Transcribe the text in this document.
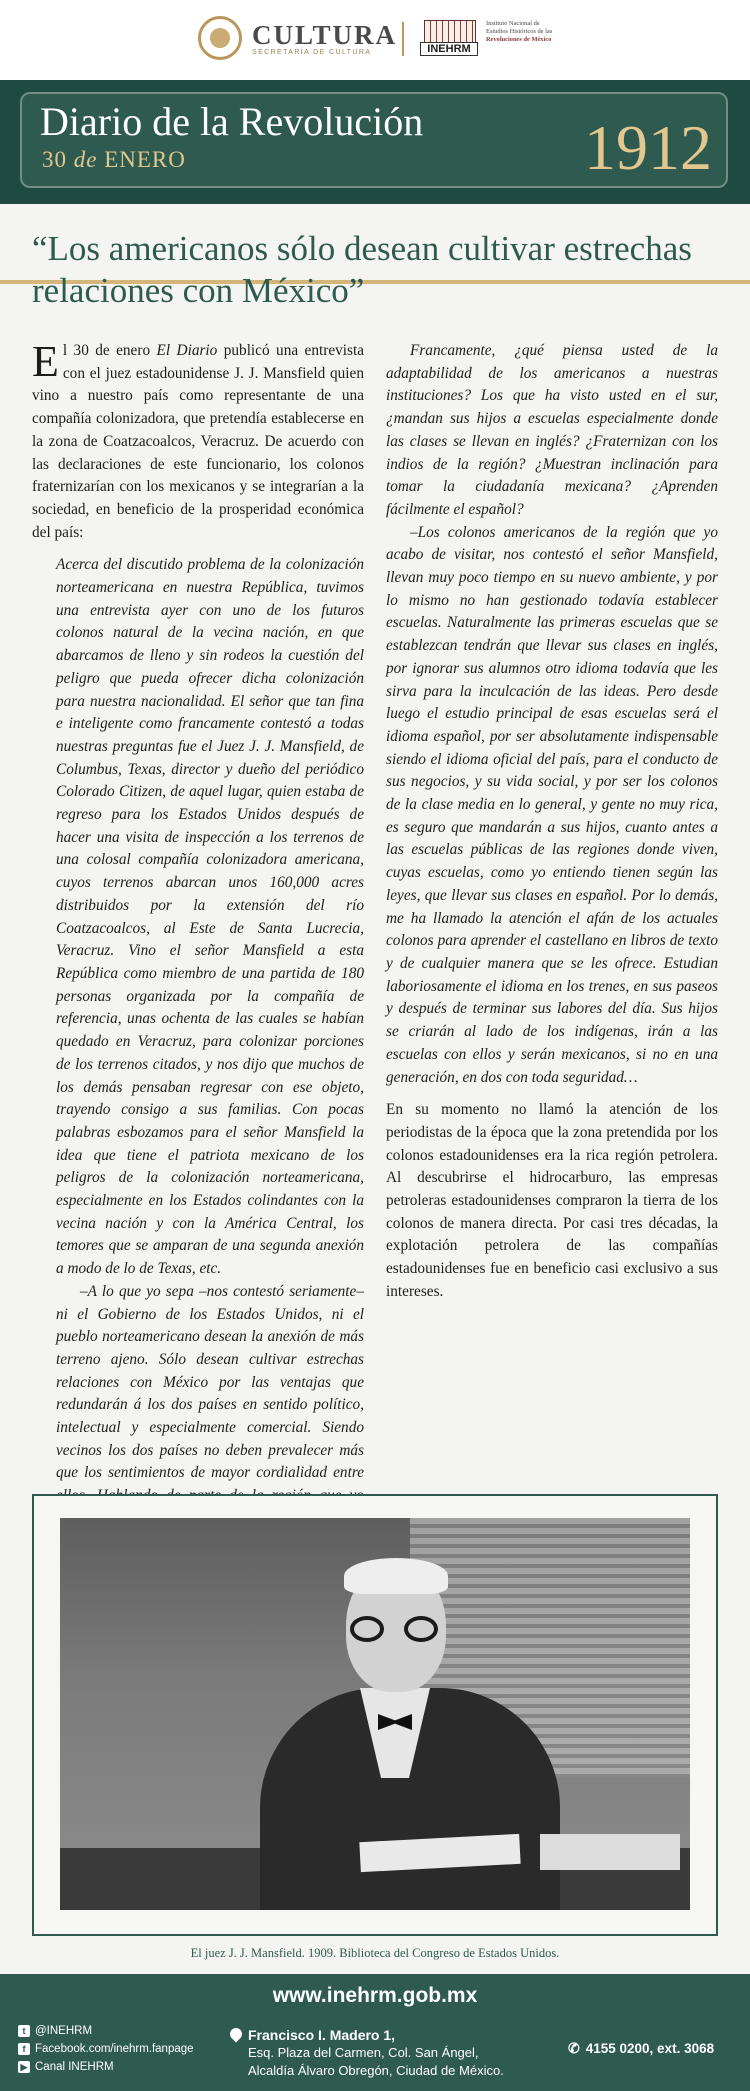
CULTURA
SECRETARÍA DE CULTURA	INEHRM
Instituto Nacional de
Estudios Históricos de las
Revoluciones de México
Diario de la Revolución
30 de ENERO	1912
“Los americanos sólo desean cultivar estrechas relaciones con México”

El 30 de enero El Diario publicó una entrevista con el juez estadounidense J. J. Mansfield quien vino a nuestro país como representante de una compañía colonizadora, que pretendía establecerse en la zona de Coatzacoalcos, Veracruz. De acuerdo con las declaraciones de este funcionario, los colonos fraternizarían con los mexicanos y se integrarían a la sociedad, en beneficio de la prosperidad económica del país:

Acerca del discutido problema de la colonización norteamericana en nuestra República, tuvimos una entrevista ayer con uno de los futuros colonos natural de la vecina nación, en que abarcamos de lleno y sin rodeos la cuestión del peligro que pueda ofrecer dicha colonización para nuestra nacionalidad. El señor que tan fina e inteligente como francamente contestó a todas nuestras preguntas fue el Juez J. J. Mansfield, de Columbus, Texas, director y dueño del periódico Colorado Citizen, de aquel lugar, quien estaba de regreso para los Estados Unidos después de hacer una visita de inspección a los terrenos de una colosal compañía colonizadora americana, cuyos terrenos abarcan unos 160,000 acres distribuidos por la extensión del río Coatzacoalcos, al Este de Santa Lucrecia, Veracruz. Vino el señor Mansfield a esta República como miembro de una partida de 180 personas organizada por la compañía de referencia, unas ochenta de las cuales se habían quedado en Veracruz, para colonizar porciones de los terrenos citados, y nos dijo que muchos de los demás pensaban regresar con ese objeto, trayendo consigo a sus familias. Con pocas palabras esbozamos para el señor Mansfield la idea que tiene el patriota mexicano de los peligros de la colonización norteamericana, especialmente en los Estados colindantes con la vecina nación y con la América Central, los temores que se amparan de una segunda anexión a modo de lo de Texas, etc.

–A lo que yo sepa –nos contestó seriamente– ni el Gobierno de los Estados Unidos, ni el pueblo norteamericano desean la anexión de más terreno ajeno. Sólo desean cultivar estrechas relaciones con México por las ventajas que redundarán á los dos países en sentido político, intelectual y especialmente comercial. Siendo vecinos los dos países no deben prevalecer más que los sentimientos de mayor cordialidad entre

Francamente, ¿qué piensa usted de la adaptabilidad de los americanos a nuestras instituciones? Los que ha visto usted en el sur, ¿mandan sus hijos a escuelas especialmente donde las clases se llevan en inglés? ¿Fraternizan con los indios de la región? ¿Muestran inclinación para tomar la ciudadanía mexicana? ¿Aprenden fácilmente el español?

–Los colonos americanos de la región que yo acabo de visitar, nos contestó el señor Mansfield, llevan muy poco tiempo en su nuevo ambiente, y por lo mismo no han gestionado todavía establecer escuelas. Naturalmente las primeras escuelas que se establezcan tendrán que llevar sus clases en inglés, por ignorar sus alumnos otro idioma todavía que les sirva para la inculcación de las ideas. Pero desde luego el estudio principal de esas escuelas será el idioma español, por ser absolutamente indispensable siendo el idioma oficial del país, para el conducto de sus negocios, y su vida social, y por ser los colonos de la clase media en lo general, y gente no muy rica, es seguro que mandarán a sus hijos, cuanto antes a las escuelas públicas de las regiones donde viven, cuyas escuelas, como yo entiendo tienen según las leyes, que llevar sus clases en español. Por lo demás, me ha llamado la atención el afán de los actuales colonos para aprender el castellano en libros de texto y de cualquier manera que se les ofrece. Estudian laboriosamente el idioma en los trenes, en sus paseos y después de terminar sus labores del día. Sus hijos se criarán al lado de los indígenas, irán a las escuelas con ellos y serán mexicanos, si no en una generación, en dos con toda seguridad…

En su momento no llamó la atención de los periodistas de la época que la zona pretendida por los colonos estadounidenses era la rica región petrolera. Al descubrirse el hidrocarburo, las empresas petroleras estadounidenses compraron la tierra de los colonos de manera directa. Por casi tres décadas, la explotación petrolera de las compañías estadounidenses fue en beneficio casi exclusivo a sus intereses.

El juez J. J. Mansfield. 1909. Biblioteca del Congreso de Estados Unidos.
www.inehrm.gob.mx
t @INEHRM
f Facebook.com/inehrm.fanpage
▶ Canal INEHRM
Francisco I. Madero 1,
Esq. Plaza del Carmen, Col. San Ángel,
Alcaldía Álvaro Obregón, Ciudad de México.
✆ 4155 0200, ext. 3068
